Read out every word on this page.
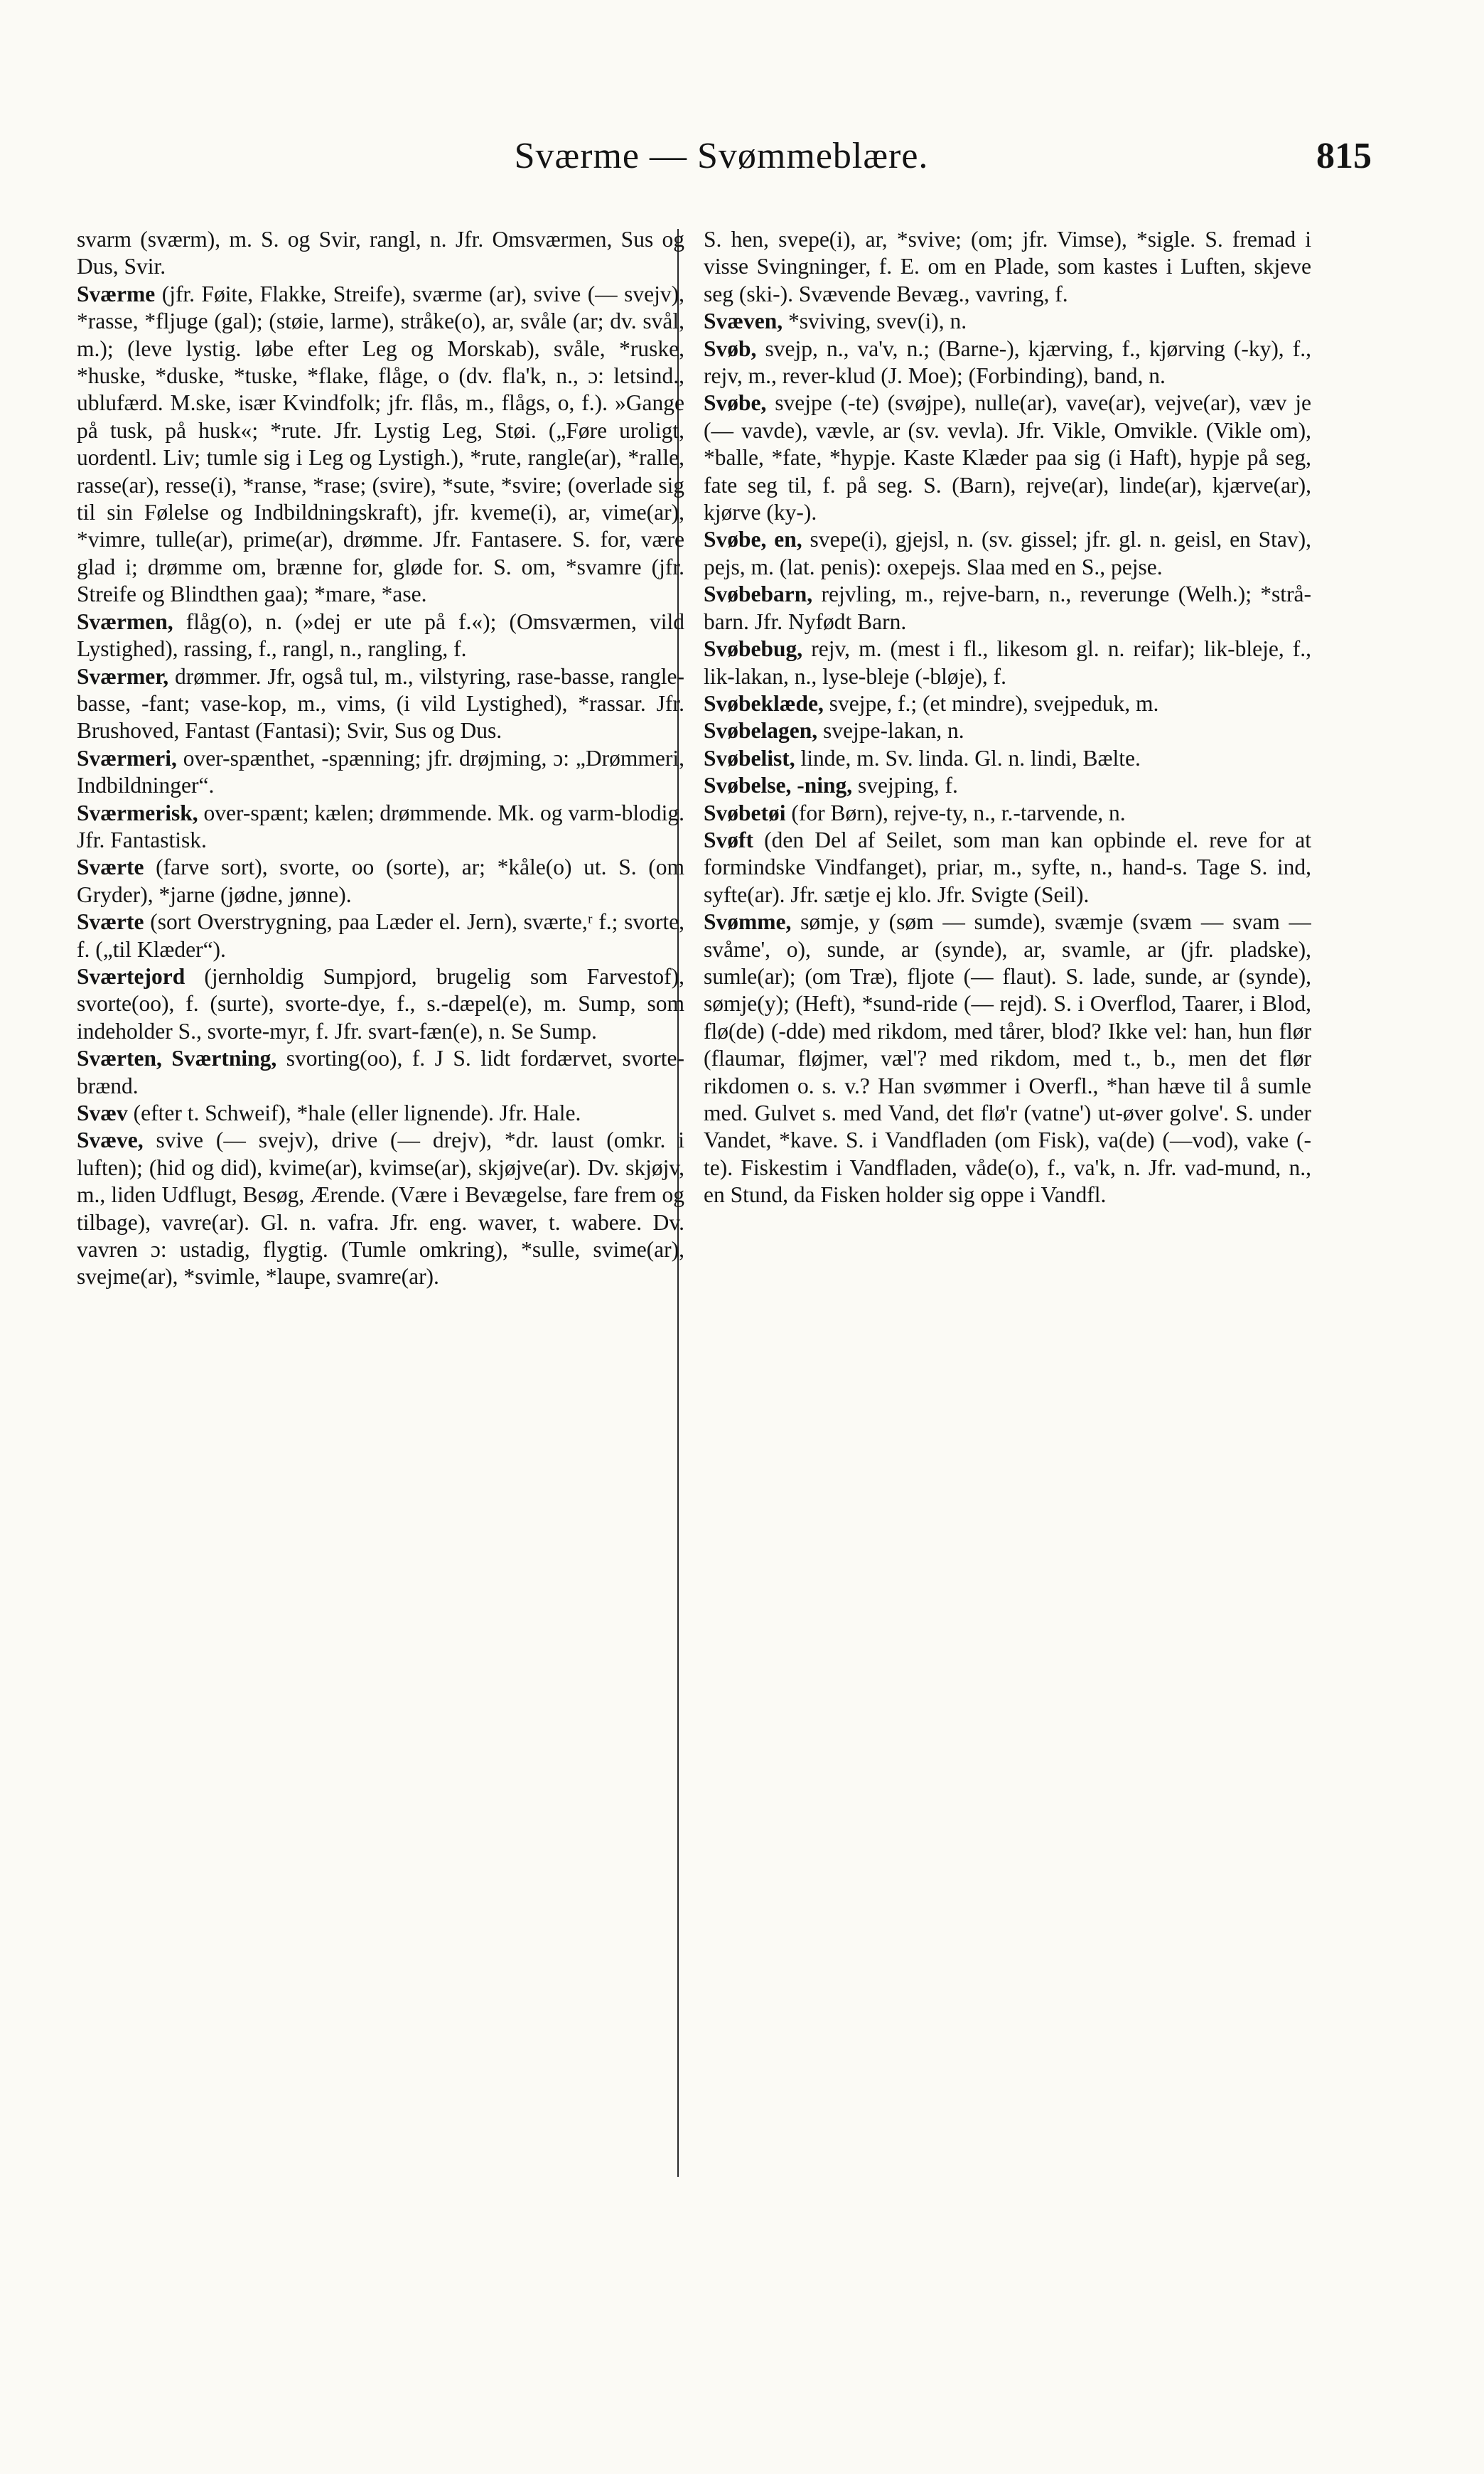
Sværme — Svømmeblære.	815

svarm (sværm), m. S. og Svir, rangl, n. Jfr. Omsværmen, Sus og Dus, Svir.

Sværme (jfr. Føite, Flakke, Streife), sværme (ar), svive (— svejv), *rasse, *fljuge (gal); (støie, larme), stråke(o), ar, svåle (ar; dv. svål, m.); (leve lystig. løbe efter Leg og Morskab), svåle, *ruske, *huske, *duske, *tuske, *flake, flåge, o (dv. fla'k, n., ɔ: letsind., ublufærd. M.ske, især Kvindfolk; jfr. flås, m., flågs, o, f.). »Gange på tusk, på husk«; *rute. Jfr. Lystig Leg, Støi. („Føre uroligt, uordentl. Liv; tumle sig i Leg og Lystigh.), *rute, rangle(ar), *ralle, rasse(ar), resse(i), *ranse, *rase; (svire), *sute, *svire; (overlade sig til sin Følelse og Indbildningskraft), jfr. kveme(i), ar, vime(ar), *vimre, tulle(ar), prime(ar), drømme. Jfr. Fantasere. S. for, være glad i; drømme om, brænne for, gløde for. S. om, *svamre (jfr. Streife og Blindthen gaa); *mare, *ase.

Sværmen, flåg(o), n. (»dej er ute på f.«); (Omsværmen, vild Lystighed), rassing, f., rangl, n., rangling, f.

Sværmer, drømmer. Jfr, også tul, m., vilstyring, rase-basse, rangle-basse, -fant; vase-kop, m., vims, (i vild Lystighed), *rassar. Jfr. Brushoved, Fantast (Fantasi); Svir, Sus og Dus.

Sværmeri, over-spænthet, -spænning; jfr. drøjming, ɔ: „Drømmeri, Indbildninger“.

Sværmerisk, over-spænt; kælen; drømmende. Mk. og varm-blodig. Jfr. Fantastisk.

Sværte (farve sort), svorte, oo (sorte), ar; *kåle(o) ut. S. (om Gryder), *jarne (jødne, jønne).

Sværte (sort Overstrygning, paa Læder el. Jern), sværte,ʳ f.; svorte, f. („til Klæder“).

Sværtejord (jernholdig Sumpjord, brugelig som Farvestof), svorte(oo), f. (surte), svorte-dye, f., s.-dæpel(e), m. Sump, som indeholder S., svorte-myr, f. Jfr. svart-fæn(e), n. Se Sump.

Sværten, Sværtning, svorting(oo), f. J S. lidt fordærvet, svorte-brænd.

Svæv (efter t. Schweif), *hale (eller lignende). Jfr. Hale.

Svæve, svive (— svejv), drive (— drejv), *dr. laust (omkr. i luften); (hid og did), kvime(ar), kvimse(ar), skjøjve(ar). Dv. skjøjv, m., liden Udflugt, Besøg, Ærende. (Være i Bevægelse, fare frem og tilbage), vavre(ar). Gl. n. vafra. Jfr. eng. waver, t. wabere. Dv. vavren ɔ: ustadig, flygtig. (Tumle omkring), *sulle, svime(ar), svejme(ar), *svimle, *laupe, svamre(ar).

S. hen, svepe(i), ar, *svive; (om; jfr. Vimse), *sigle. S. fremad i visse Svingninger, f. E. om en Plade, som kastes i Luften, skjeve seg (ski-). Svævende Bevæg., vavring, f.

Svæven, *sviving, svev(i), n.

Svøb, svejp, n., va'v, n.; (Barne-), kjærving, f., kjørving (-ky), f., rejv, m., rever-klud (J. Moe); (Forbinding), band, n.

Svøbe, svejpe (-te) (svøjpe), nulle(ar), vave(ar), vejve(ar), væv je (— vavde), vævle, ar (sv. vevla). Jfr. Vikle, Omvikle. (Vikle om), *balle, *fate, *hypje. Kaste Klæder paa sig (i Haft), hypje på seg, fate seg til, f. på seg. S. (Barn), rejve(ar), linde(ar), kjærve(ar), kjørve (ky-).

Svøbe, en, svepe(i), gjejsl, n. (sv. gissel; jfr. gl. n. geisl, en Stav), pejs, m. (lat. penis): oxepejs. Slaa med en S., pejse.

Svøbebarn, rejvling, m., rejve-barn, n., reverunge (Welh.); *strå-barn. Jfr. Nyfødt Barn.

Svøbebug, rejv, m. (mest i fl., likesom gl. n. reifar); lik-bleje, f., lik-lakan, n., lyse-bleje (-bløje), f.

Svøbeklæde, svejpe, f.; (et mindre), svejpeduk, m.

Svøbelagen, svejpe-lakan, n.

Svøbelist, linde, m. Sv. linda. Gl. n. lindi, Bælte.

Svøbelse, -ning, svejping, f.

Svøbetøi (for Børn), rejve-ty, n., r.-tarvende, n.

Svøft (den Del af Seilet, som man kan opbinde el. reve for at formindske Vindfanget), priar, m., syfte, n., hand-s. Tage S. ind, syfte(ar). Jfr. sætje ej klo. Jfr. Svigte (Seil).

Svømme, sømje, y (søm — sumde), svæmje (svæm — svam — svåme', o), sunde, ar (synde), ar, svamle, ar (jfr. pladske), sumle(ar); (om Træ), fljote (— flaut). S. lade, sunde, ar (synde), sømje(y); (Heft), *sund-ride (— rejd). S. i Overflod, Taarer, i Blod, flø(de) (-dde) med rikdom, med tårer, blod? Ikke vel: han, hun flør (flaumar, fløjmer, væl'? med rikdom, med t., b., men det flør rikdomen o. s. v.? Han svømmer i Overfl., *han hæve til å sumle med. Gulvet s. med Vand, det flø'r (vatne') ut-øver golve'. S. under Vandet, *kave. S. i Vandfladen (om Fisk), va(de) (—vod), vake (-te). Fiskestim i Vandfladen, våde(o), f., va'k, n. Jfr. vad-mund, n., en Stund, da Fisken holder sig oppe i Vandfl.
